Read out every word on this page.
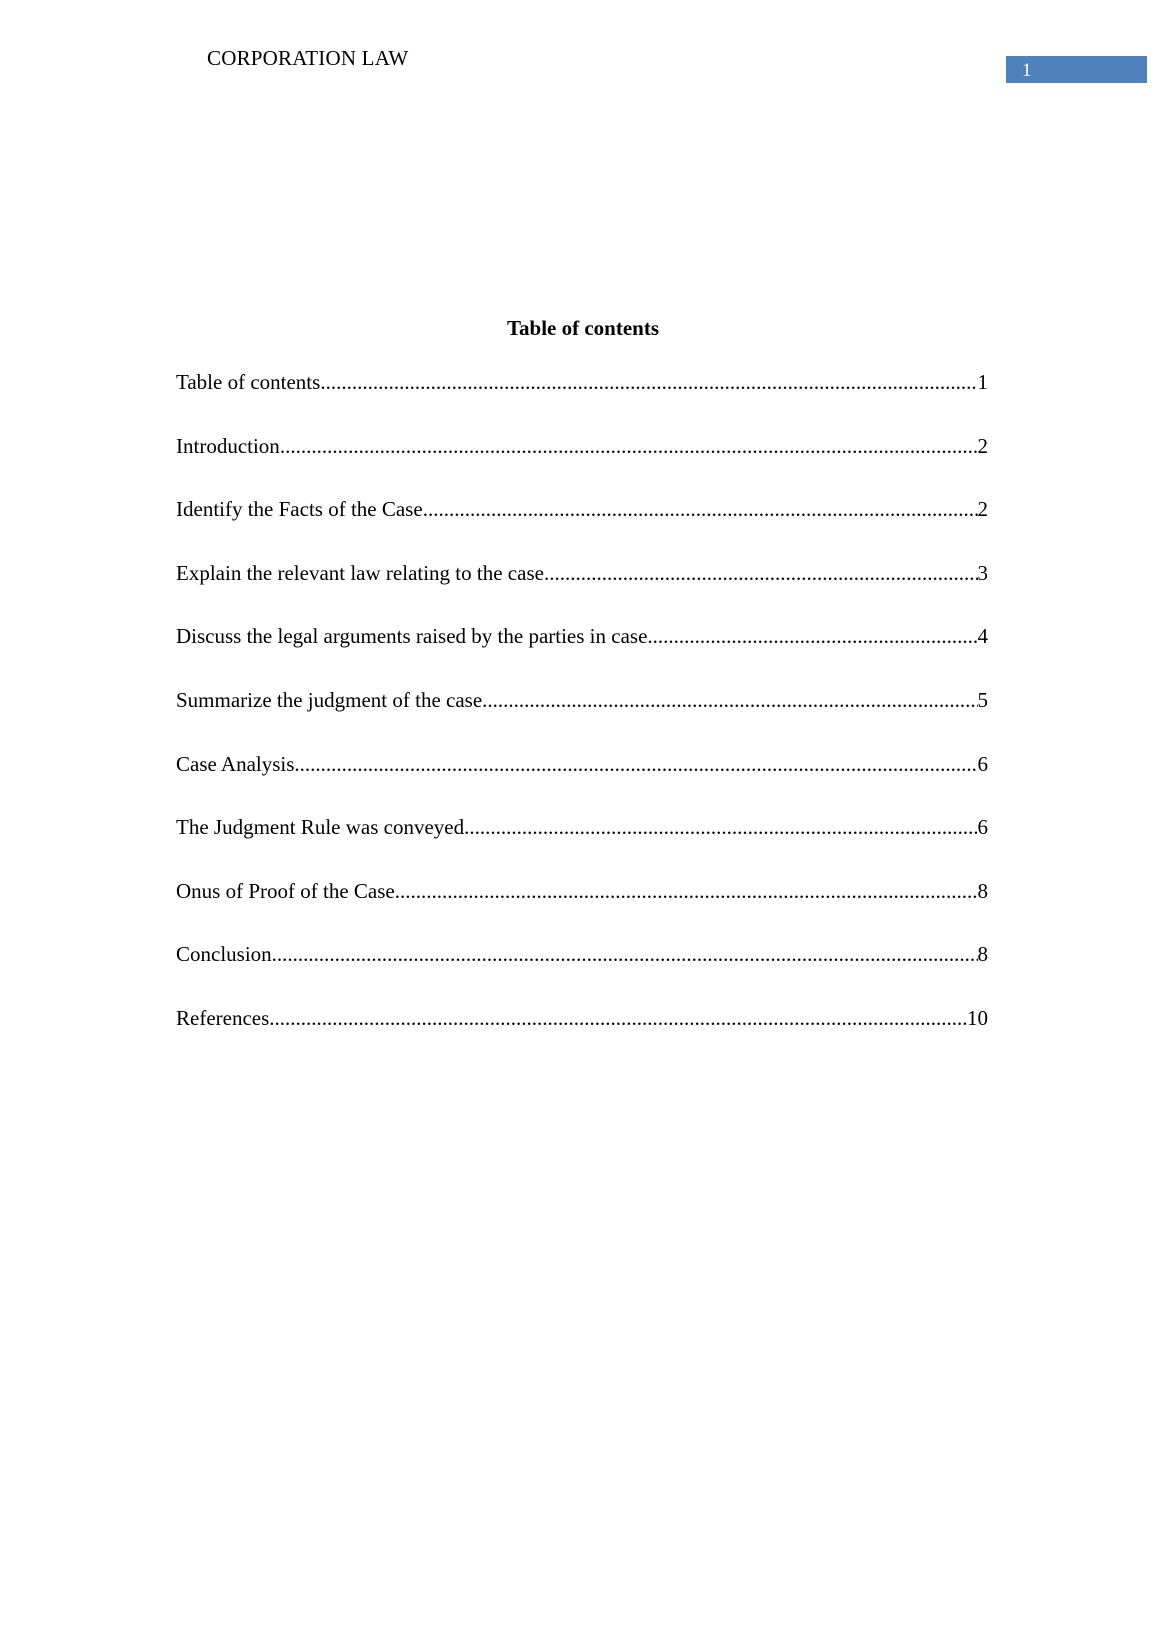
CORPORATION LAW
1
Table of contents
Table of contents .....	1
Introduction .....	2
Identify the Facts of the Case .....	2
Explain the relevant law relating to the case .....	3
Discuss the legal arguments raised by the parties in case .....	4
Summarize the judgment of the case .....	5
Case Analysis .....	6
The Judgment Rule was conveyed .....	6
Onus of Proof of the Case .....	8
Conclusion .....	8
References .....	10
